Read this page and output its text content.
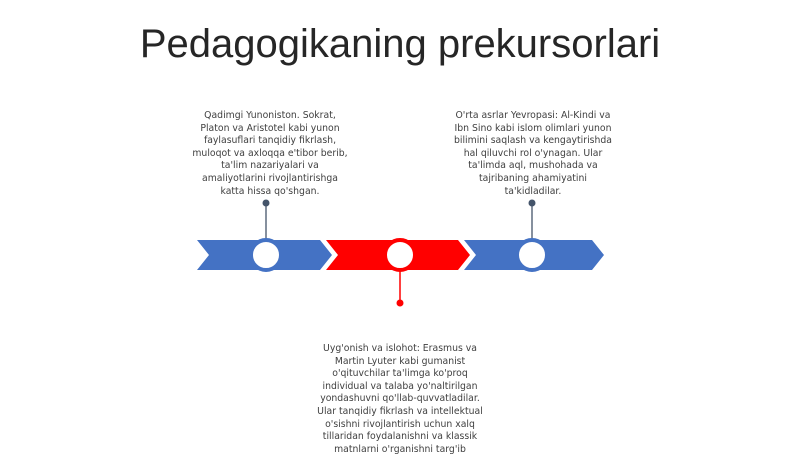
Pedagogikaning prekursorlari
Qadimgi Yunoniston. Sokrat,
Platon va Aristotel kabi yunon
faylasuflari tanqidiy fikrlash,
muloqot va axloqqa e'tibor berib,
ta'lim nazariyalari va
amaliyotlarini rivojlantirishga
katta hissa qo'shgan.
O'rta asrlar Yevropasi: Al-Kindi va
Ibn Sino kabi islom olimlari yunon
bilimini saqlash va kengaytirishda
hal qiluvchi rol o'ynagan. Ular
ta'limda aql, mushohada va
tajribaning ahamiyatini
ta'kidladilar.
Uyg'onish va islohot: Erasmus va
Martin Lyuter kabi gumanist
o'qituvchilar ta'limga ko'proq
individual va talaba yo'naltirilgan
yondashuvni qo'llab-quvvatladilar.
Ular tanqidiy fikrlash va intellektual
o'sishni rivojlantirish uchun xalq
tillaridan foydalanishni va klassik
matnlarni o'rganishni targ'ib
